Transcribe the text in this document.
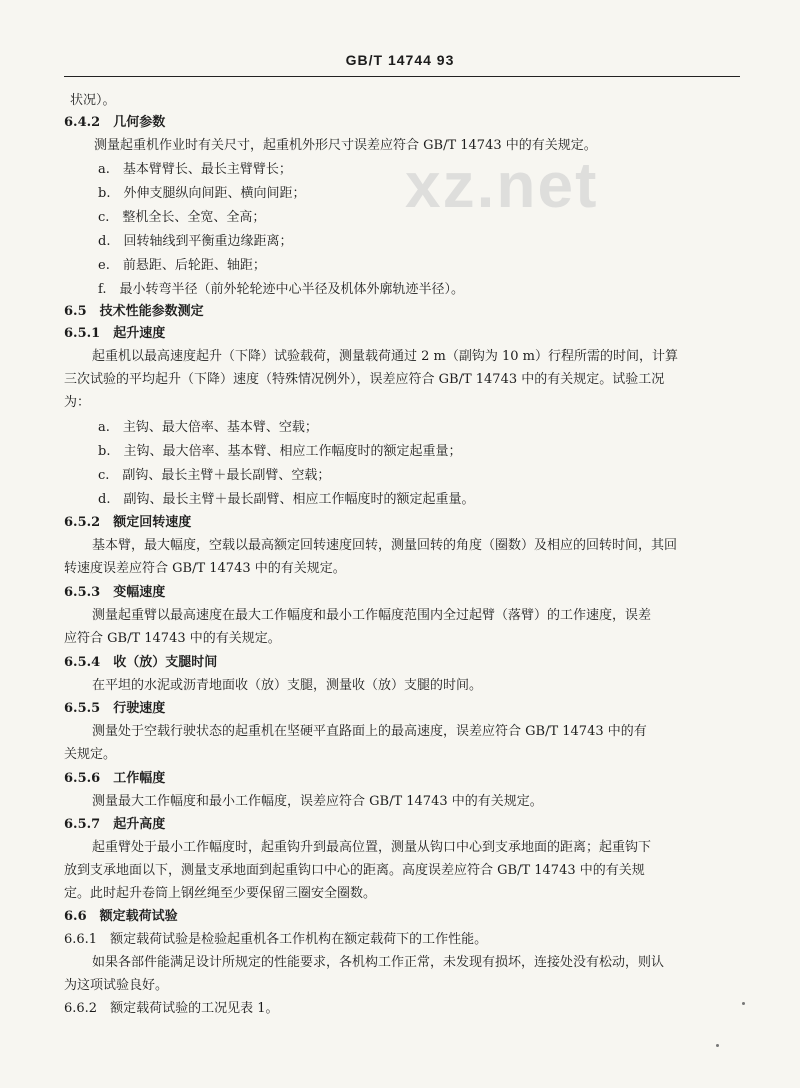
GB/T 14744 93
xz.net
状况）。
6.4.2　几何参数
测量起重机作业时有关尺寸，起重机外形尺寸误差应符合 GB/T 14743 中的有关规定。
a.　基本臂臂长、最长主臂臂长；
b.　外伸支腿纵向间距、横向间距；
c.　整机全长、全宽、全高；
d.　回转轴线到平衡重边缘距离；
e.　前悬距、后轮距、轴距；
f.　最小转弯半径（前外轮轮迹中心半径及机体外廓轨迹半径）。
6.5　技术性能参数测定
6.5.1　起升速度
起重机以最高速度起升（下降）试验载荷，测量载荷通过 2 m（副钩为 10 m）行程所需的时间，计算
三次试验的平均起升（下降）速度（特殊情况例外），误差应符合 GB/T 14743 中的有关规定。试验工况
为：
a.　主钩、最大倍率、基本臂、空载；
b.　主钩、最大倍率、基本臂、相应工作幅度时的额定起重量；
c.　副钩、最长主臂＋最长副臂、空载；
d.　副钩、最长主臂＋最长副臂、相应工作幅度时的额定起重量。
6.5.2　额定回转速度
基本臂，最大幅度，空载以最高额定回转速度回转，测量回转的角度（圈数）及相应的回转时间，其回
转速度误差应符合 GB/T 14743 中的有关规定。
6.5.3　变幅速度
测量起重臂以最高速度在最大工作幅度和最小工作幅度范围内全过起臂（落臂）的工作速度，误差
应符合 GB/T 14743 中的有关规定。
6.5.4　收（放）支腿时间
在平坦的水泥或沥青地面收（放）支腿，测量收（放）支腿的时间。
6.5.5　行驶速度
测量处于空载行驶状态的起重机在坚硬平直路面上的最高速度，误差应符合 GB/T 14743 中的有
关规定。
6.5.6　工作幅度
测量最大工作幅度和最小工作幅度，误差应符合 GB/T 14743 中的有关规定。
6.5.7　起升高度
起重臂处于最小工作幅度时，起重钩升到最高位置，测量从钩口中心到支承地面的距离；起重钩下
放到支承地面以下，测量支承地面到起重钩口中心的距离。高度误差应符合 GB/T 14743 中的有关规
定。此时起升卷筒上钢丝绳至少要保留三圈安全圈数。
6.6　额定载荷试验
6.6.1　额定载荷试验是检验起重机各工作机构在额定载荷下的工作性能。
如果各部件能满足设计所规定的性能要求，各机构工作正常，未发现有损坏，连接处没有松动，则认
为这项试验良好。
6.6.2　额定载荷试验的工况见表 1。
